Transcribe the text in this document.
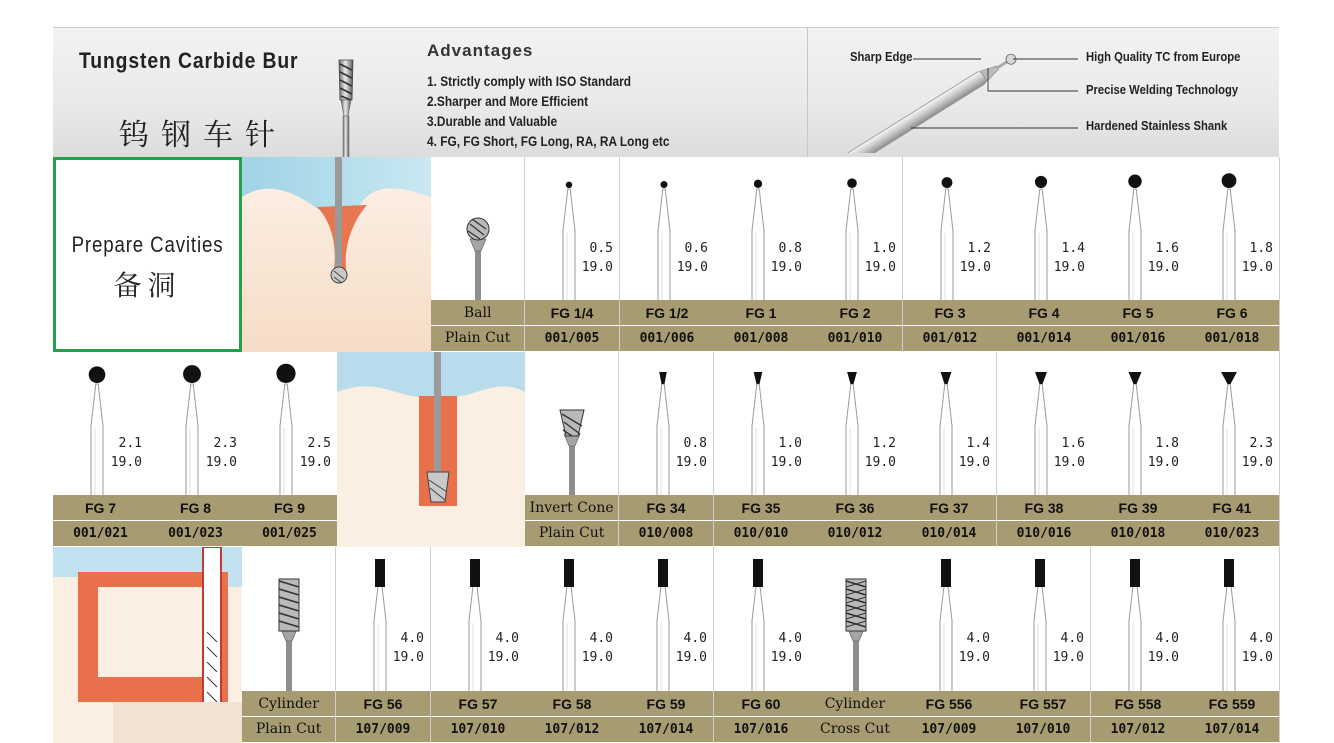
Tungsten Carbide Bur
钨钢车针
Advantages
1. Strictly comply with ISO Standard
2.Sharper and More Efficient
3.Durable and Valuable
4. FG, FG Short, FG Long, RA, RA Long etc
Sharp Edge	High Quality TC from Europe
Precise Welding Technology
Hardened Stainless Shank
Prepare Cavities
备洞
Ball
Plain Cut
0.5
19.0
FG 1/4
001/005
0.6
19.0
FG 1/2
001/006
0.8
19.0
FG 1
001/008
1.0
19.0
FG 2
001/010
1.2
19.0
FG 3
001/012
1.4
19.0
FG 4
001/014
1.6
19.0
FG 5
001/016
1.8
19.0
FG 6
001/018
2.1
19.0
FG 7
001/021
2.3
19.0
FG 8
001/023
2.5
19.0
FG 9
001/025
Invert Cone
Plain Cut
0.8
19.0
FG 34
010/008
1.0
19.0
FG 35
010/010
1.2
19.0
FG 36
010/012
1.4
19.0
FG 37
010/014
1.6
19.0
FG 38
010/016
1.8
19.0
FG 39
010/018
2.3
19.0
FG 41
010/023
Cylinder
Plain Cut
4.0
19.0
FG 56
107/009
4.0
19.0
FG 57
107/010
4.0
19.0
FG 58
107/012
4.0
19.0
FG 59
107/014
4.0
19.0
FG 60
107/016
Cylinder
Cross Cut
4.0
19.0
FG 556
107/009
4.0
19.0
FG 557
107/010
4.0
19.0
FG 558
107/012
4.0
19.0
FG 559
107/014
